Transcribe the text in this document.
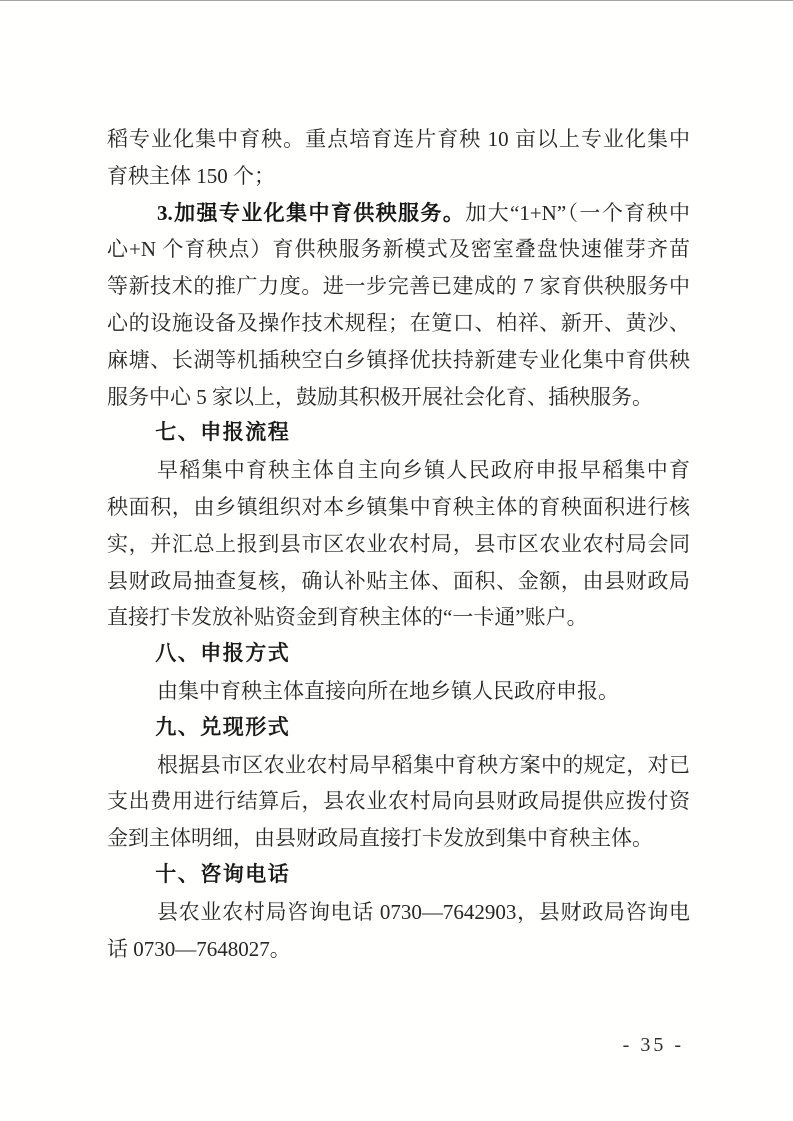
稻专业化集中育秧。重点培育连片育秧 10 亩以上专业化集中
育秧主体 150 个；
3.加强专业化集中育供秧服务。加大“1+N”（一个育秧中
心+N 个育秧点）育供秧服务新模式及密室叠盘快速催芽齐苗
等新技术的推广力度。进一步完善已建成的 7 家育供秧服务中
心的设施设备及操作技术规程；在筻口、柏祥、新开、黄沙、
麻塘、长湖等机插秧空白乡镇择优扶持新建专业化集中育供秧
服务中心 5 家以上，鼓励其积极开展社会化育、插秧服务。
七、申报流程
早稻集中育秧主体自主向乡镇人民政府申报早稻集中育
秧面积，由乡镇组织对本乡镇集中育秧主体的育秧面积进行核
实，并汇总上报到县市区农业农村局，县市区农业农村局会同
县财政局抽查复核，确认补贴主体、面积、金额，由县财政局
直接打卡发放补贴资金到育秧主体的“一卡通”账户。
八、申报方式
由集中育秧主体直接向所在地乡镇人民政府申报。
九、兑现形式
根据县市区农业农村局早稻集中育秧方案中的规定，对已
支出费用进行结算后，县农业农村局向县财政局提供应拨付资
金到主体明细，由县财政局直接打卡发放到集中育秧主体。
十、咨询电话
县农业农村局咨询电话 0730—7642903，县财政局咨询电
话 0730—7648027。
- 35 -
